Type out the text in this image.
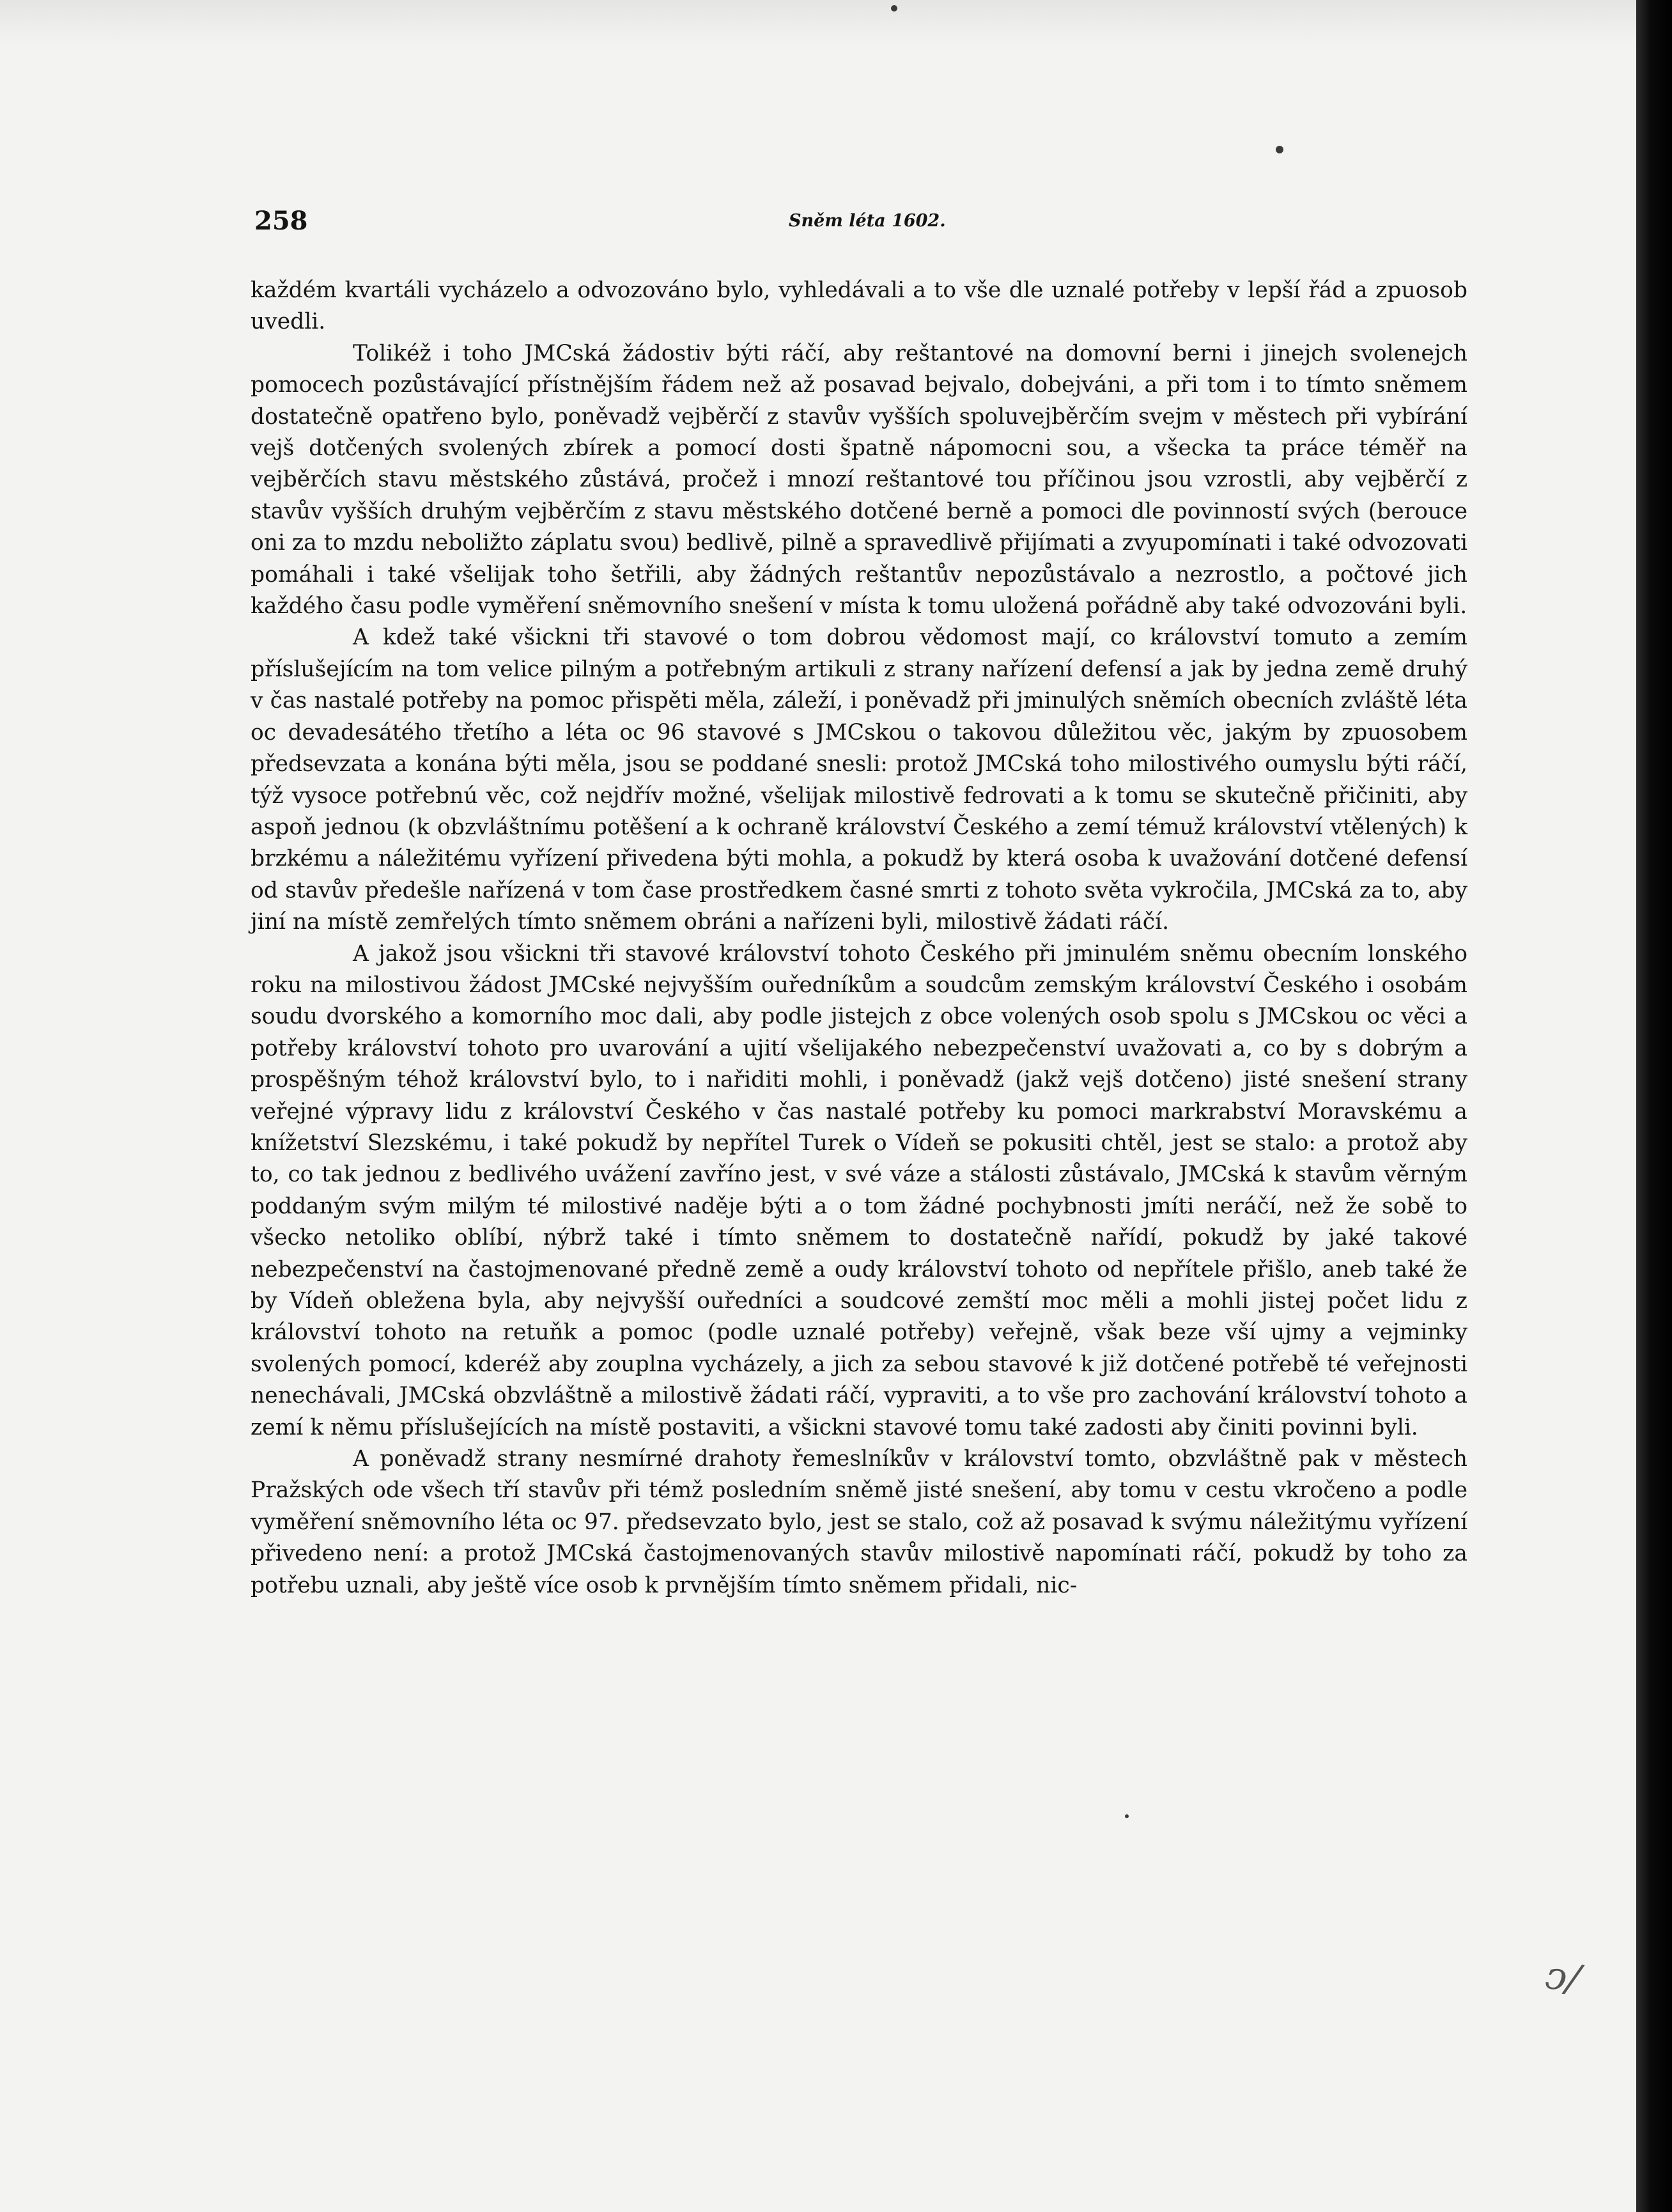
258	Sněm léta 1602.

každém kvartáli vycházelo a odvozováno bylo, vyhledávali a to vše dle uznalé potřeby v lepší řád a zpuosob uvedli.

Tolikéž i toho JMCská žádostiv býti ráčí, aby reštantové na domovní berni i jinejch svolenejch pomocech pozůstávající přístnějším řádem než až posavad bejvalo, dobejváni, a při tom i to tímto sněmem dostatečně opatřeno bylo, poněvadž vejběrčí z stavův vyšších spoluvejběrčím svejm v městech při vybírání vejš dotčených svolených zbírek a pomocí dosti špatně nápomocni sou, a všecka ta práce téměř na vejběrčích stavu městského zůstává, pročež i mnozí reštantové tou příčinou jsou vzrostli, aby vejběrčí z stavův vyšších druhým vejběrčím z stavu městského dotčené berně a pomoci dle povinností svých (berouce oni za to mzdu neboližto záplatu svou) bedlivě, pilně a spravedlivě přijímati a zvyupomínati i také odvozovati pomáhali i také všelijak toho šetřili, aby žádných reštantův nepozůstávalo a nezrostlo, a počtové jich každého času podle vyměření sněmovního snešení v místa k tomu uložená pořádně aby také odvozováni byli.

A kdež také všicknі tři stavové o tom dobrou vědomost mají, co království tomuto a zemím příslušejícím na tom velice pilným a potřebným artikuli z strany nařízení defensí a jak by jedna země druhý v čas nastalé potřeby na pomoc přispěti měla, záleží, i poněvadž při jminulých sněmích obecních zvláště léta oc devadesátého třetího a léta oc 96 stavové s JMCskou o takovou důležitou věc, jakým by zpuosobem předsevzata a konána býti měla, jsou se poddané snesli: protož JMCská toho milostivého oumyslu býti ráčí, týž vysoce potřebnú věc, což nejdřív možné, všelijak milostivě fedrovati a k tomu se skutečně přičiniti, aby aspoň jednou (k obzvláštnímu potěšení a k ochraně království Českého a zemí témuž království vtělených) k brzkému a náležitému vyřízení přivedena býti mohla, a pokudž by která osoba k uvažování dotčené defensí od stavův předešle nařízená v tom čase prostředkem časné smrti z tohoto světa vykročila, JMCská za to, aby jiní na místě zemřelých tímto sněmem obráni a nařízeni byli, milostivě žádati ráčí.

A jakož jsou všicknі tři stavové království tohoto Českého při jminulém sněmu obecním lonského roku na milostivou žádost JMCské nejvyšším ouředníkům a soudcům zemským království Českého i osobám soudu dvorského a komorního moc dali, aby podle jistejch z obce volených osob spolu s JMCskou oc věci a potřeby království tohoto pro uvarování a ujití všelijakého nebezpečenství uvažovati a, co by s dobrým a prospěšným téhož království bylo, to i nařiditi mohli, i poněvadž (jakž vejš dotčeno) jisté snešení strany veřejné výpravy lidu z království Českého v čas nastalé potřeby ku pomoci markrabství Moravskému a knížetství Slezskému, i také pokudž by nepřítel Turek o Vídeň se pokusiti chtěl, jest se stalo: a protož aby to, co tak jednou z bedlivého uvážení zavříno jest, v své váze a stálosti zůstávalo, JMCská k stavům věrným poddaným svým milým té milostivé naděje býti a o tom žádné pochybnosti jmíti neráčí, než že sobě to všecko netoliko oblíbí, nýbrž také i tímto sněmem to dostatečně nařídí, pokudž by jaké takové nebezpečenství na častojmenované předně země a oudy království tohoto od nepřítele přišlo, aneb také že by Vídeň obležena byla, aby nejvyšší ouředníci a soudcové zemští moc měli a mohli jistej počet lidu z království tohoto na retuňk a pomoc (podle uznalé potřeby) veřejně, však beze vší ujmy a vejminky svolených pomocí, kderéž aby zouplna vycházely, a jich za sebou stavové k již dotčené potřebě té veřejnosti nenechávali, JMCská obzvláštně a milostivě žádati ráčí, vypraviti, a to vše pro zachování království tohoto a zemí k němu příslušejících na místě postaviti, a všicknі stavové tomu také zadosti aby činiti povinni byli.

A poněvadž strany nesmírné drahoty řemeslníkův v království tomto, obzvláštně pak v městech Pražských ode všech tří stavův při témž posledním sněmě jisté snešení, aby tomu v cestu vkročeno a podle vyměření sněmovního léta oc 97. předsevzato bylo, jest se stalo, což až posavad k svýmu náležitýmu vyřízení přivedeno není: a protož JMCská častojmenovaných stavův milostivě napomínati ráčí, pokudž by toho za potřebu uznali, aby ještě více osob k prvnějším tímto sněmem přidali, nic-

ↄ/
